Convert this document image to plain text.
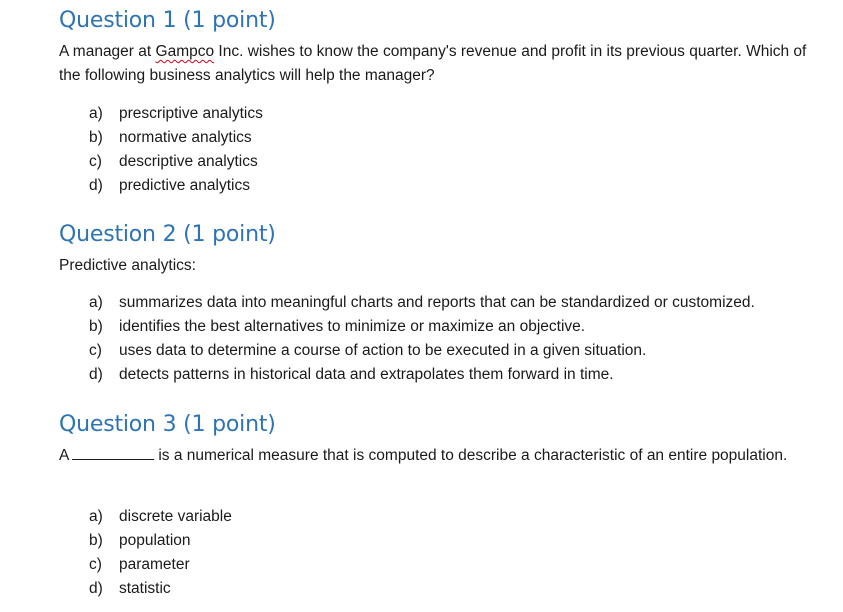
Question 1 (1 point)

A manager at Gampco Inc. wishes to know the company's revenue and profit in its previous quarter. Which of the following business analytics will help the manager?

a)	prescriptive analytics
b)	normative analytics
c)	descriptive analytics
d)	predictive analytics
Question 2 (1 point)

Predictive analytics:

a)	summarizes data into meaningful charts and reports that can be standardized or customized.
b)	identifies the best alternatives to minimize or maximize an objective.
c)	uses data to determine a course of action to be executed in a given situation.
d)	detects patterns in historical data and extrapolates them forward in time.
Question 3 (1 point)

A	is a numerical measure that is computed to describe a characteristic of an entire population.

a)	discrete variable
b)	population
c)	parameter
d)	statistic
